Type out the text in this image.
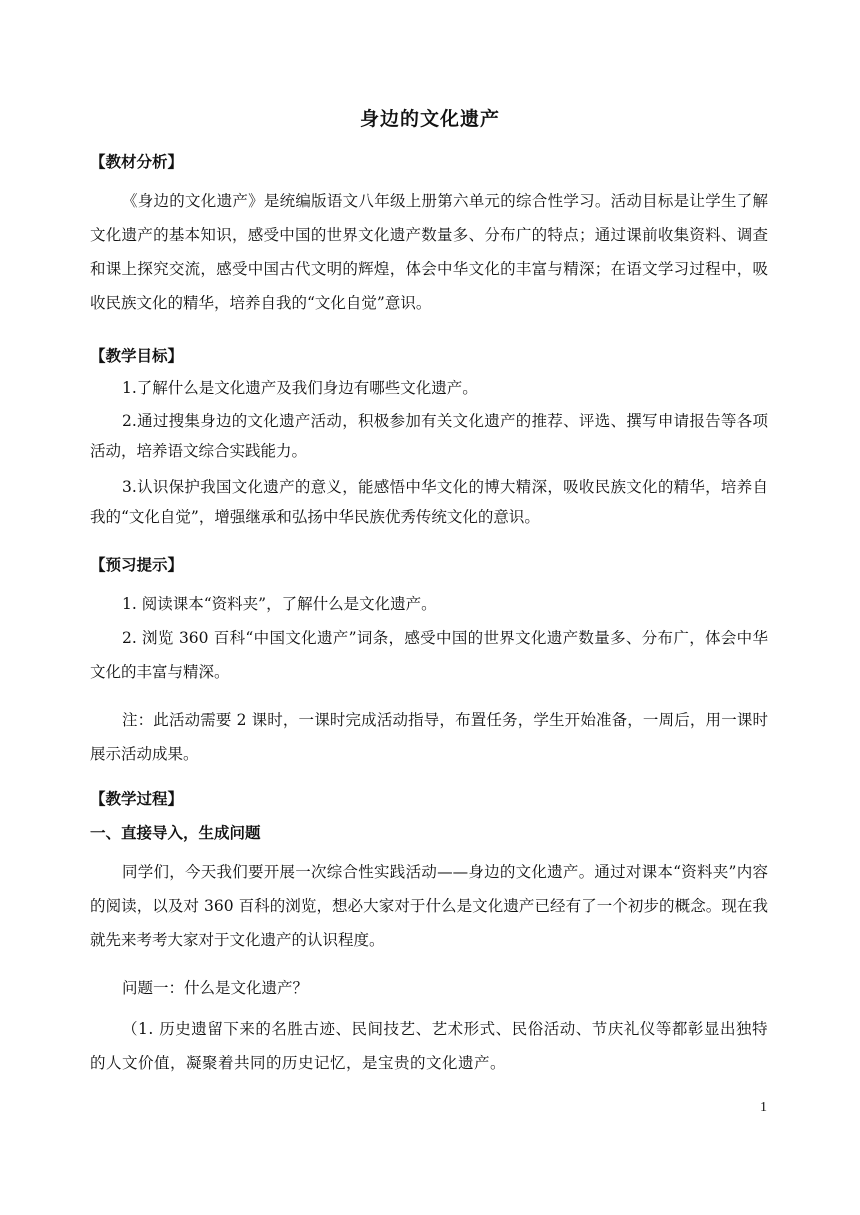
身边的文化遗产
【教材分析】
《身边的文化遗产》是统编版语文八年级上册第六单元的综合性学习。活动目标是让学生了解文化遗产的基本知识，感受中国的世界文化遗产数量多、分布广的特点；通过课前收集资料、调查和课上探究交流，感受中国古代文明的辉煌，体会中华文化的丰富与精深；在语文学习过程中，吸收民族文化的精华，培养自我的“文化自觉”意识。
【教学目标】
1.了解什么是文化遗产及我们身边有哪些文化遗产。
2.通过搜集身边的文化遗产活动，积极参加有关文化遗产的推荐、评选、撰写申请报告等各项活动，培养语文综合实践能力。
3.认识保护我国文化遗产的意义，能感悟中华文化的博大精深，吸收民族文化的精华，培养自我的“文化自觉”，增强继承和弘扬中华民族优秀传统文化的意识。
【预习提示】
1. 阅读课本“资料夹”，了解什么是文化遗产。
2. 浏览 360 百科“中国文化遗产”词条，感受中国的世界文化遗产数量多、分布广，体会中华文化的丰富与精深。
注：此活动需要 2 课时，一课时完成活动指导，布置任务，学生开始准备，一周后，用一课时展示活动成果。
【教学过程】
一、直接导入，生成问题
同学们，今天我们要开展一次综合性实践活动——身边的文化遗产。通过对课本“资料夹”内容的阅读，以及对 360 百科的浏览，想必大家对于什么是文化遗产已经有了一个初步的概念。现在我就先来考考大家对于文化遗产的认识程度。
问题一：什么是文化遗产？
（1. 历史遗留下来的名胜古迹、民间技艺、艺术形式、民俗活动、节庆礼仪等都彰显出独特的人文价值，凝聚着共同的历史记忆，是宝贵的文化遗产。
1
